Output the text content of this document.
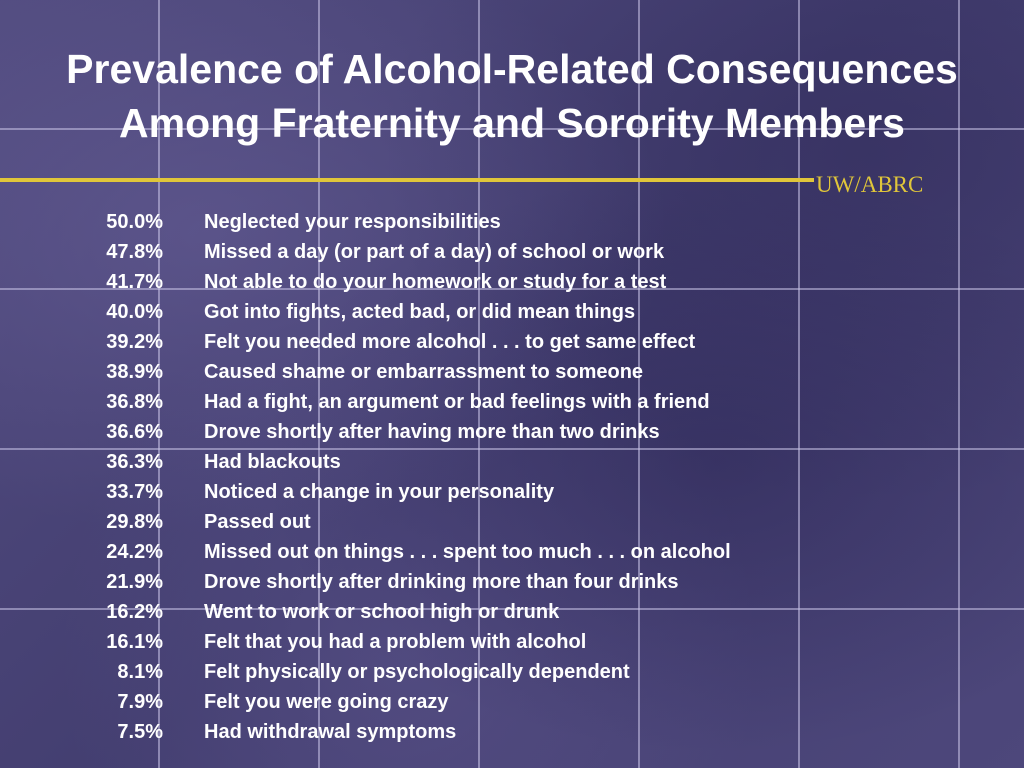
Prevalence of Alcohol-Related Consequences
Among Fraternity and Sorority Members
UW/ABRC
50.0% Neglected your responsibilities
47.8% Missed a day (or part of a day) of school or work
41.7% Not able to do your homework or study for a test
40.0% Got into fights, acted bad, or did mean things
39.2% Felt you needed more alcohol . . . to get same effect
38.9% Caused shame or embarrassment to someone
36.8% Had a fight, an argument or bad feelings with a friend
36.6% Drove shortly after having more than two drinks
36.3% Had blackouts
33.7% Noticed a change in your personality
29.8% Passed out
24.2% Missed out on things . . . spent too much . . . on alcohol
21.9% Drove shortly after drinking more than four drinks
16.2% Went to work or school high or drunk
16.1% Felt that you had a problem with alcohol
8.1% Felt physically or psychologically dependent
7.9% Felt you were going crazy
7.5% Had withdrawal symptoms
